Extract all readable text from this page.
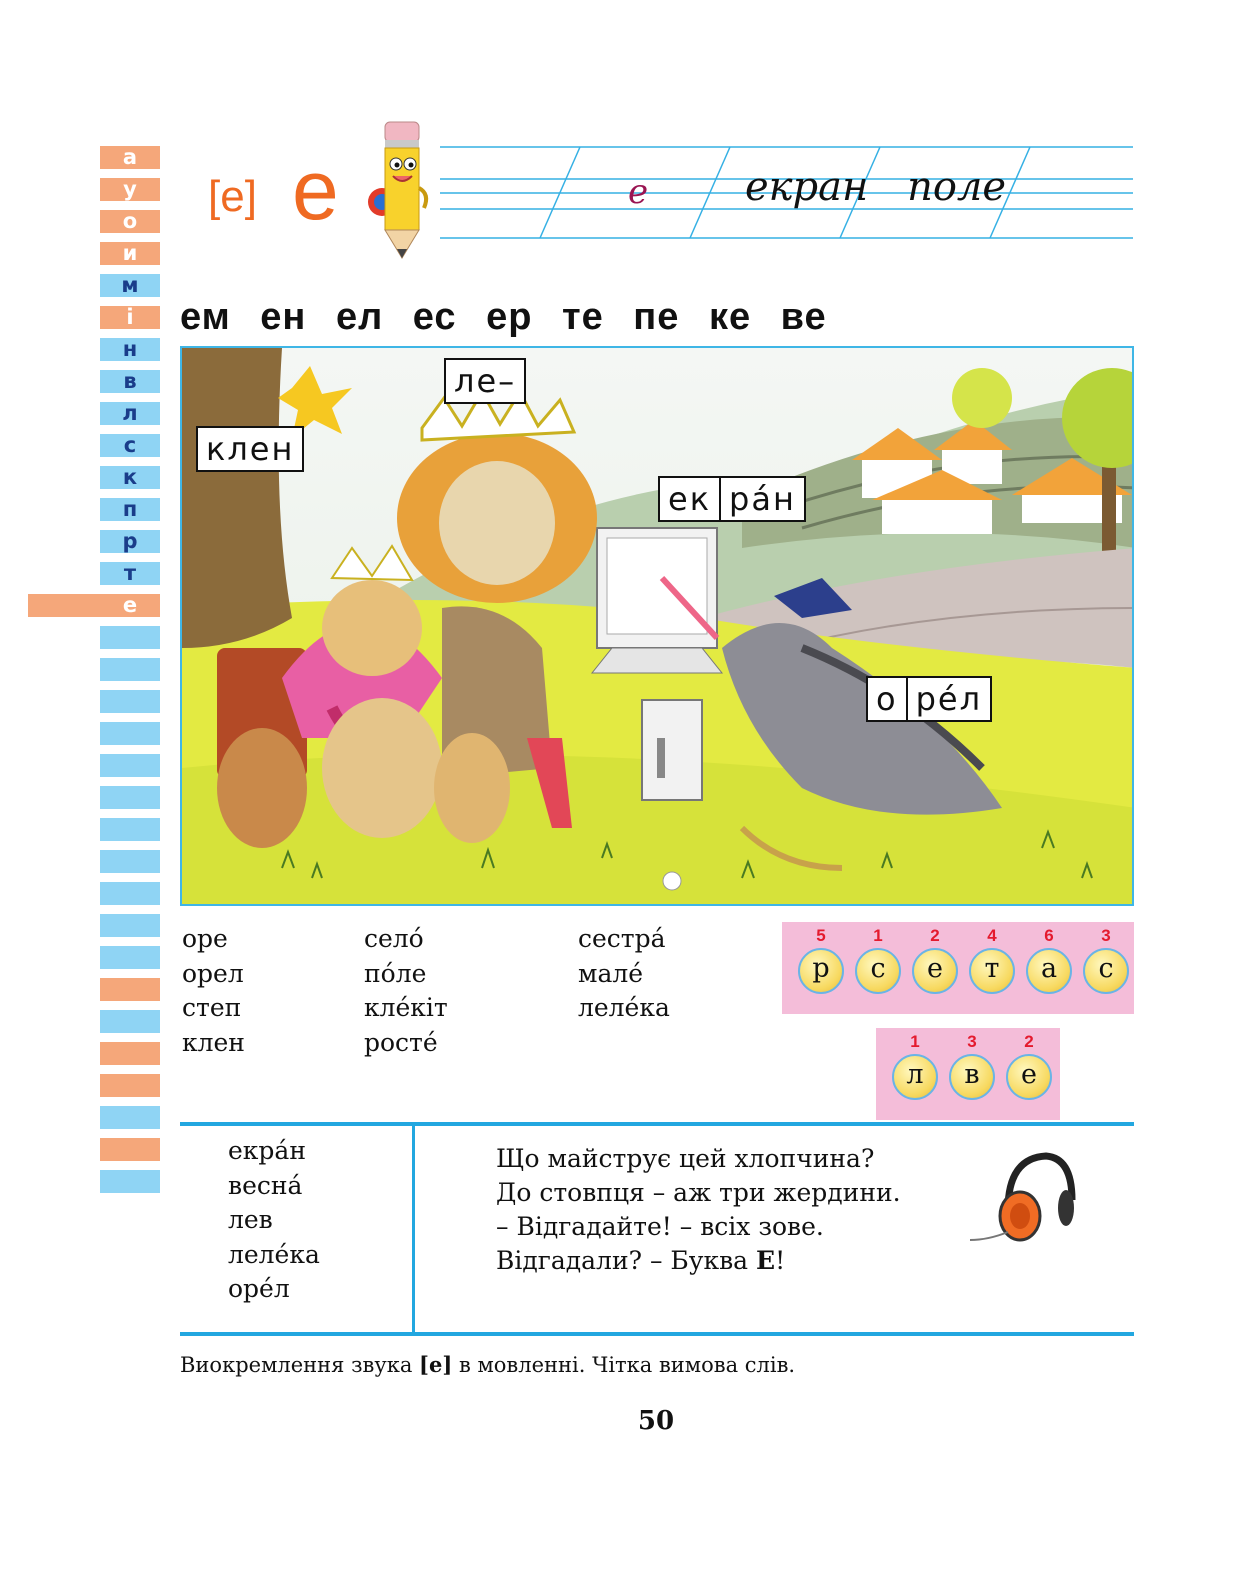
а
у
о
и
м
і
н
в
л
с
к
п
р
т
е
[е] е	е екран поле
ем ен ел ес ер те пе ке ве
клен
ле–
ек ра́н
о ре́л
оре
орел
степ
клен
село́
по́ле
кле́кіт
росте́
сестра́
мале́
леле́ка
5
р
1
с
2
е
4
т
6
а
3
с
1
л
3
в
2
е
екра́н
весна́
лев
леле́ка
оре́л
Що майструє цей хлопчина?
До стовпця – аж три жердини.
– Відгадайте! – всіх зове.
Відгадали? – Буква Е!
Виокремлення звука [е] в мовленні. Чітка вимова слів.
50
